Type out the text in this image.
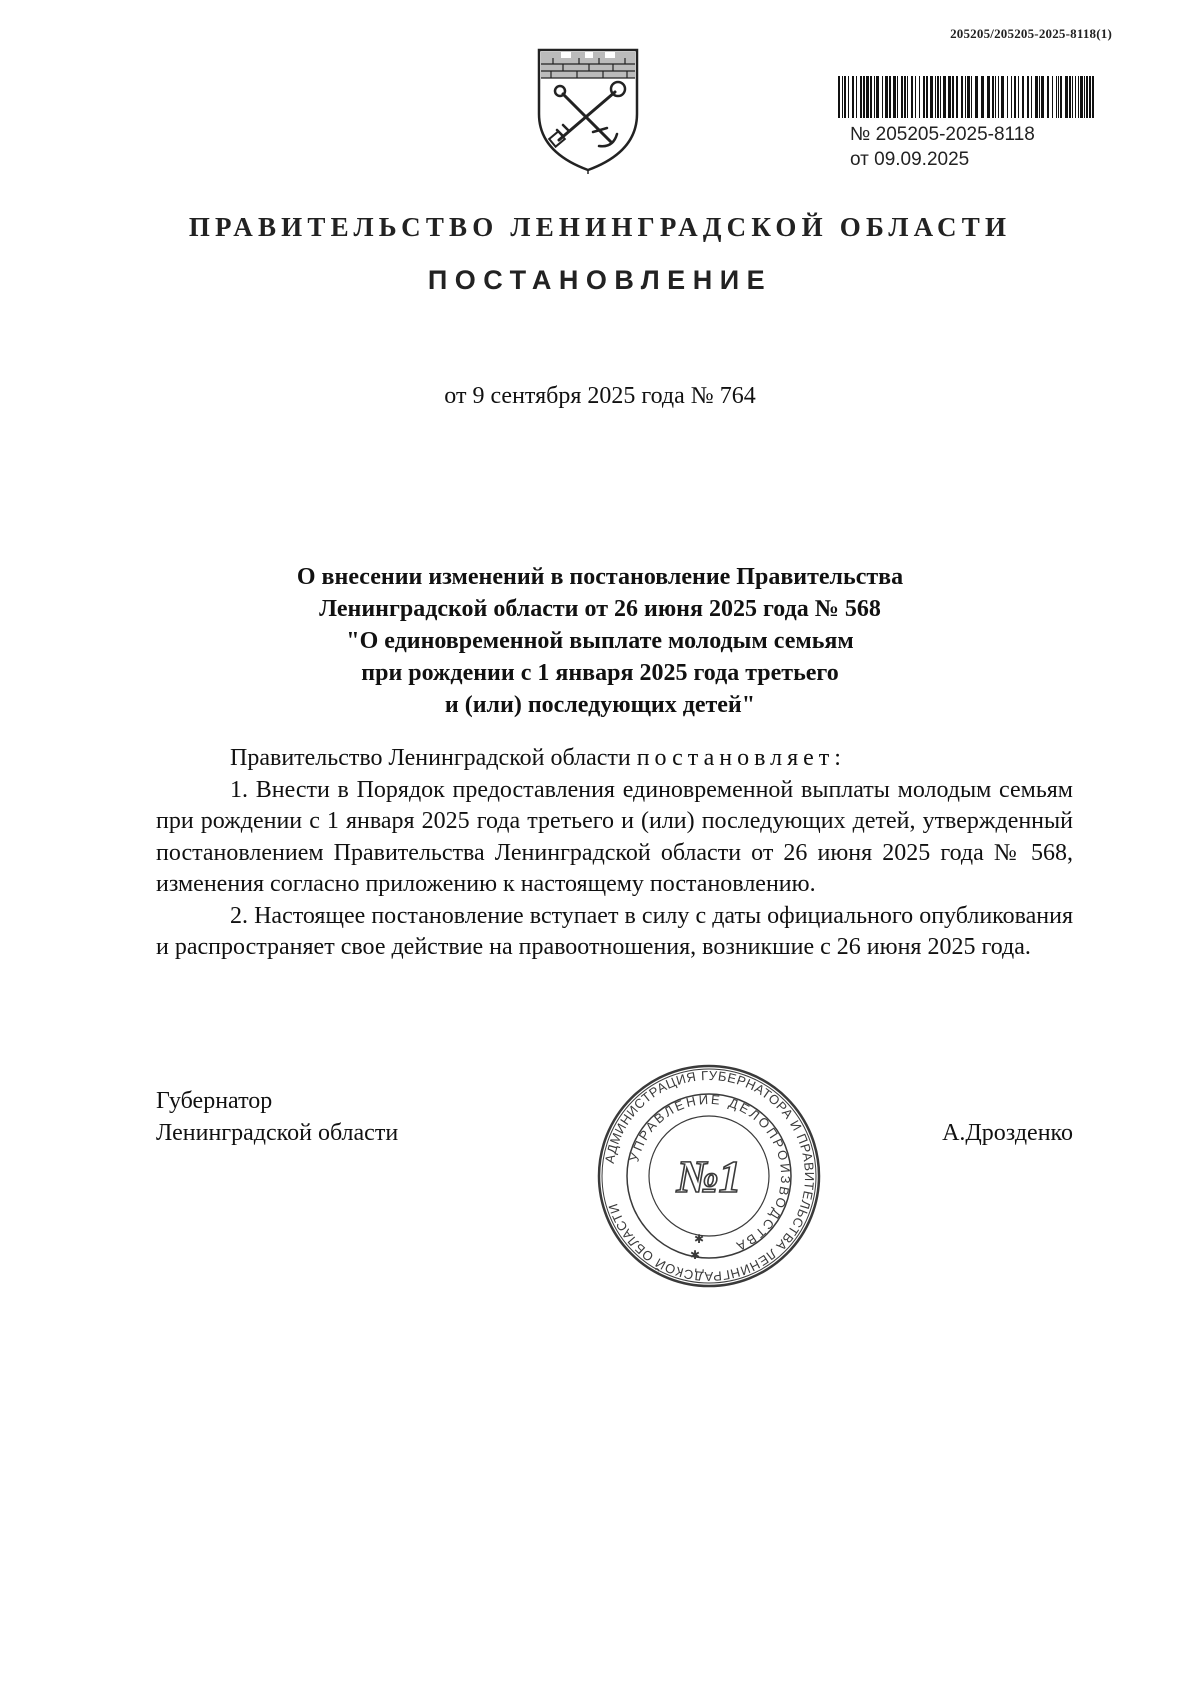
205205/205205-2025-8118(1)
№ 205205-2025-8118
от 09.09.2025
ПРАВИТЕЛЬСТВО ЛЕНИНГРАДСКОЙ ОБЛАСТИ
ПОСТАНОВЛЕНИЕ
от 9 сентября 2025 года № 764
О внесении изменений в постановление Правительства
Ленинградской области от 26 июня 2025 года № 568
"О единовременной выплате молодым семьям
при рождении с 1 января 2025 года третьего
и (или) последующих детей"

Правительство Ленинградской области постановляет:

1. Внести в Порядок предоставления единовременной выплаты молодым семьям при рождении с 1 января 2025 года третьего и (или) последующих детей, утвержденный постановлением Правительства Ленинградской области от 26 июня 2025 года № 568, изменения согласно приложению к настоящему постановлению.

2. Настоящее постановление вступает в силу с даты официального опубликования и распространяет свое действие на правоотношения, возникшие с 26 июня 2025 года.

Губернатор
Ленинградской области	А.Дрозденко
АДМИНИСТРАЦИЯ ГУБЕРНАТОРА И ПРАВИТЕЛЬСТВА ЛЕНИНГРАДСКОЙ ОБЛАСТИ
УПРАВЛЕНИЕ ДЕЛОПРОИЗВОДСТВА
№1
✱
✱
